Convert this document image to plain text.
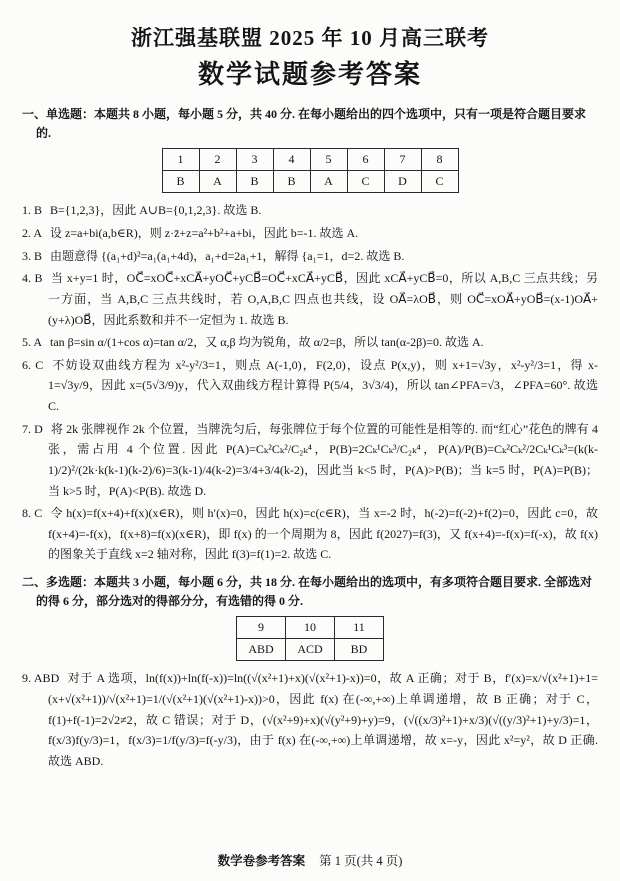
浙江强基联盟 2025 年 10 月高三联考
数学试题参考答案

一、单选题：本题共 8 小题，每小题 5 分，共 40 分. 在每小题给出的四个选项中，只有一项是符合题目要求的.

1	2	3	4	5	6	7	8
B	A	B	B	A	C	D	C

1. B B={1,2,3}，因此 A∪B={0,1,2,3}. 故选 B.

2. A 设 z=a+bi(a,b∈R)，则 z·z̄+z=a²+b²+a+bi，因此 b=-1. 故选 A.

3. B 由题意得 {(a₁+d)²=a₁(a₁+4d)，a₁+d=2a₁+1，解得 {a₁=1，d=2. 故选 B.

4. B 当 x+y=1 时，OC⃗=xOC⃗+xCA⃗+yOC⃗+yCB⃗=OC⃗+xCA⃗+yCB⃗，因此 xCA⃗+yCB⃗=0，所以 A,B,C 三点共线；另一方面，当 A,B,C 三点共线时，若 O,A,B,C 四点也共线，设 OA⃗=λOB⃗，则 OC⃗=xOA⃗+yOB⃗=(x-1)OA⃗+(y+λ)OB⃗，因此系数和并不一定恒为 1. 故选 B.

5. A tan β=sin α/(1+cos α)=tan α/2，又 α,β 均为锐角，故 α/2=β，所以 tan(α-2β)=0. 故选 A.

6. C 不妨设双曲线方程为 x²-y²/3=1，则点 A(-1,0)，F(2,0)，设点 P(x,y)，则 x+1=√3y，x²-y²/3=1，得 x-1=√3y/9，因此 x=(5√3/9)y，代入双曲线方程计算得 P(5/4，3√3/4)，所以 tan∠PFA=√3，∠PFA=60°. 故选 C.

7. D 将 2k 张牌视作 2k 个位置，当牌洗匀后，每张牌位于每个位置的可能性是相等的. 而“红心”花色的牌有 4 张，需占用 4 个位置. 因此 P(A)=Cₖ²Cₖ²/C₂ₖ⁴，P(B)=2Cₖ¹Cₖ³/C₂ₖ⁴，P(A)/P(B)=Cₖ²Cₖ²/2Cₖ¹Cₖ³=(k(k-1)/2)²/(2k·k(k-1)(k-2)/6)=3(k-1)/4(k-2)=3/4+3/4(k-2)，因此当 k<5 时，P(A)>P(B)；当 k=5 时，P(A)=P(B)；当 k>5 时，P(A)<P(B). 故选 D.

8. C 令 h(x)=f(x+4)+f(x)(x∈R)，则 h′(x)=0，因此 h(x)=c(c∈R)，当 x=-2 时，h(-2)=f(-2)+f(2)=0，因此 c=0，故 f(x+4)=-f(x)，f(x+8)=f(x)(x∈R)，即 f(x) 的一个周期为 8，因此 f(2027)=f(3)，又 f(x+4)=-f(x)=f(-x)，故 f(x) 的图象关于直线 x=2 轴对称，因此 f(3)=f(1)=2. 故选 C.

二、多选题：本题共 3 小题，每小题 6 分，共 18 分. 在每小题给出的选项中，有多项符合题目要求. 全部选对的得 6 分，部分选对的得部分分，有选错的得 0 分.

9	10	11
ABD	ACD	BD

9. ABD 对于 A 选项，ln(f(x))+ln(f(-x))=ln((√(x²+1)+x)(√(x²+1)-x))=0，故 A 正确；对于 B，f′(x)=x/√(x²+1)+1=(x+√(x²+1))/√(x²+1)=1/(√(x²+1)(√(x²+1)-x))>0，因此 f(x) 在(-∞,+∞)上单调递增，故 B 正确；对于 C，f(1)+f(-1)=2√2≠2，故 C 错误；对于 D，(√(x²+9)+x)(√(y²+9)+y)=9，(√((x/3)²+1)+x/3)(√((y/3)²+1)+y/3)=1，f(x/3)f(y/3)=1，f(x/3)=1/f(y/3)=f(-y/3)，由于 f(x) 在(-∞,+∞)上单调递增，故 x=-y，因此 x²=y²，故 D 正确. 故选 ABD.

数学卷参考答案 第 1 页(共 4 页)
